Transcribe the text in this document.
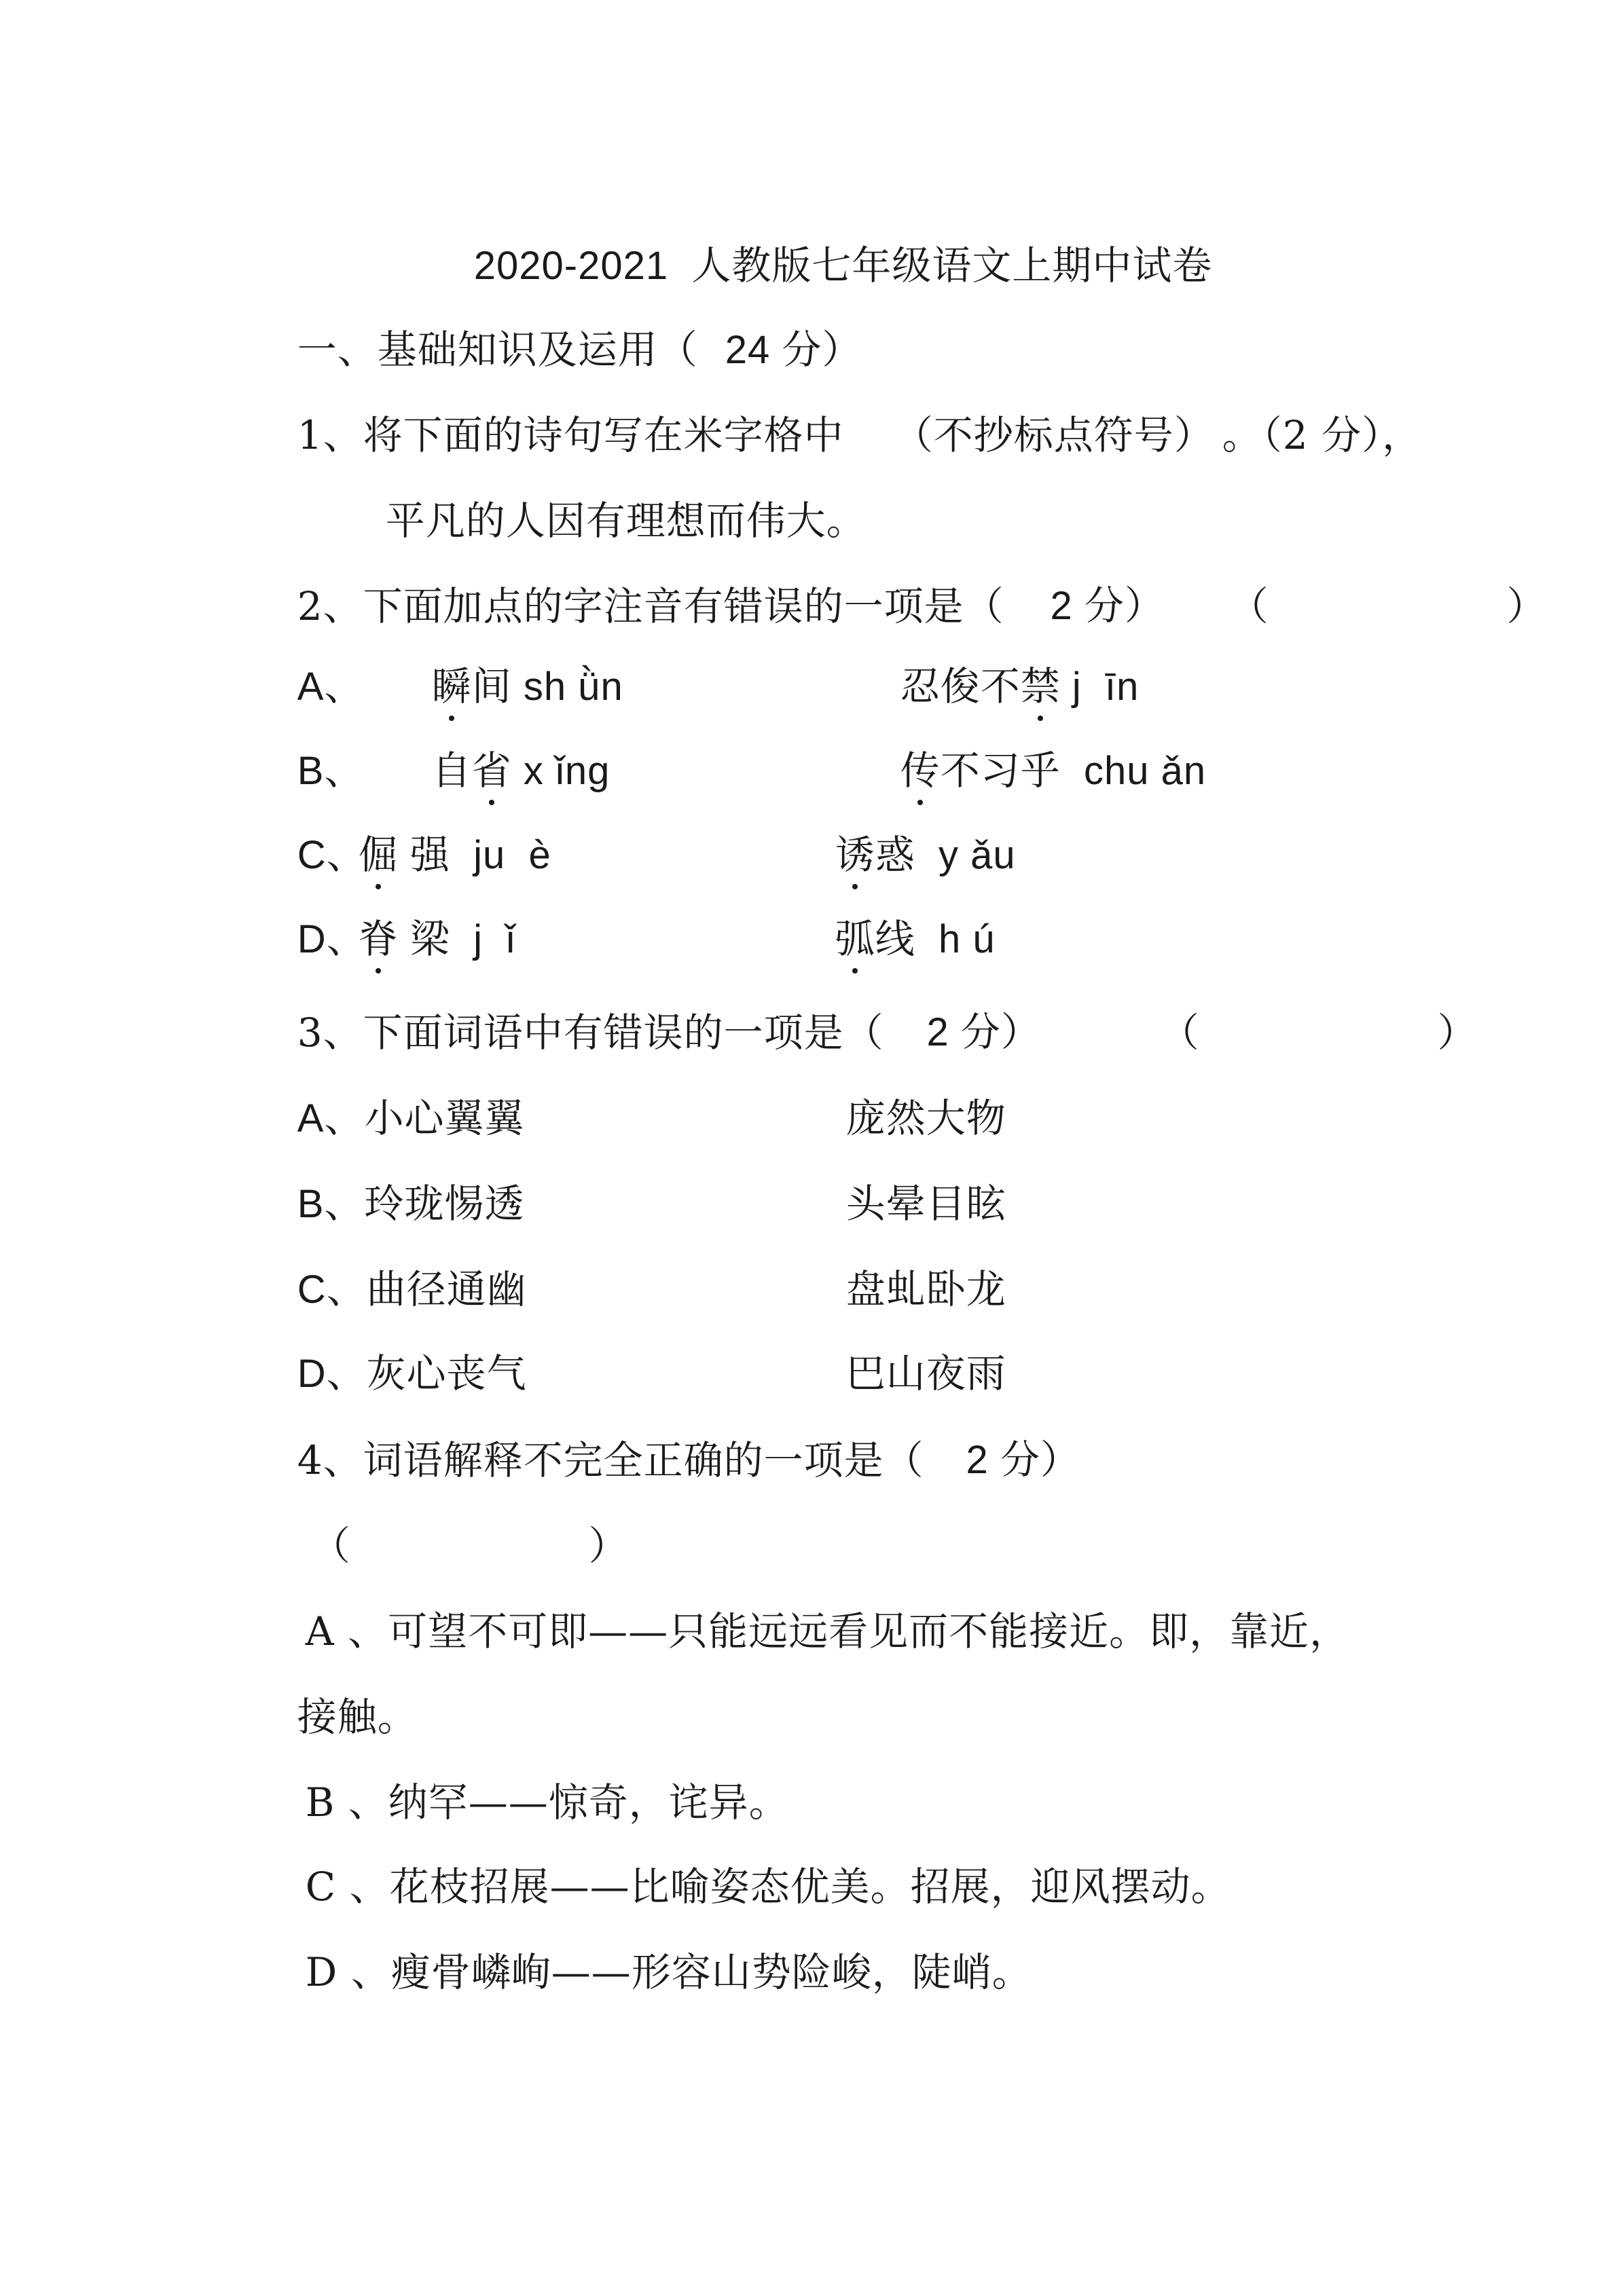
2020-2021  人教版七年级语文上期中试卷

一、基础知识及运用（ 24 分）

1、将下面的诗句写在米字格中
	（不抄标点符号）
。（2 分），

平凡的人因有理想而伟大。

2、下面加点的字注音有错误的一项是（
	2 分）
	（                  ）

A、
	瞬间 sh ǜn
	忍俊不禁 j  īn

B、
	自省 x ǐng
	传不习乎  chu ǎn

C、

倔 强  ju  è
	诱惑  y ǎu

D、

脊 梁  j  ǐ
	弧线  h ú

3、下面词语中有错误的一项是（
	2 分）
	（                  ）

A、小心翼翼
	庞然大物

B、玲珑惕透
	头晕目眩

C、曲径通幽
	盘虬卧龙

D、灰心丧气
	巴山夜雨

4、词语解释不完全正确的一项是（
	2 分）

（                  ）

A 、可望不可即——只能远远看见而不能接近。即，靠近，

接触。

B 、纳罕——惊奇，诧异。

C 、花枝招展——比喻姿态优美。招展，迎风摆动。

D 、瘦骨嶙峋——形容山势险峻，陡峭。
